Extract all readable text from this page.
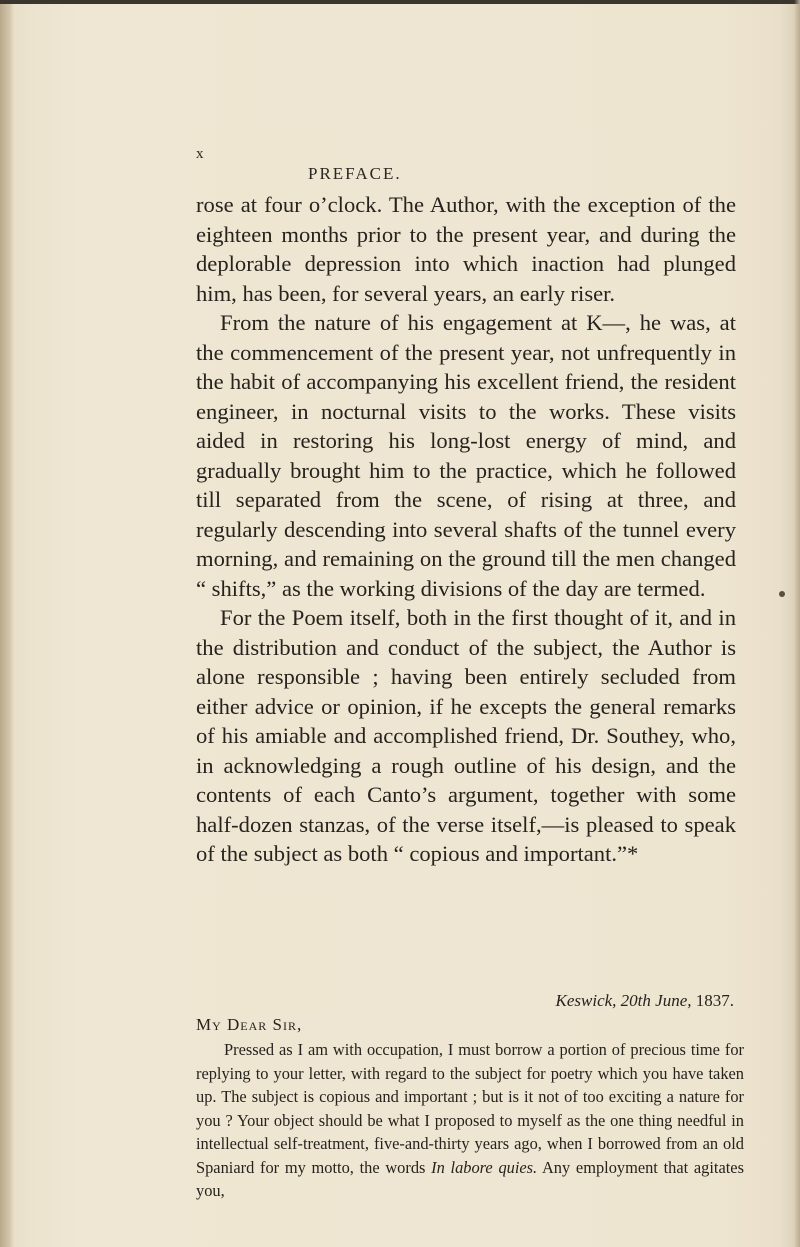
x
PREFACE.

rose at four o’clock. The Author, with the exception of the eighteen months prior to the present year, and during the deplorable depression into which inaction had plunged him, has been, for several years, an early riser.

From the nature of his engagement at K—, he was, at the commencement of the present year, not unfrequently in the habit of accompanying his excellent friend, the resident engineer, in nocturnal visits to the works. These visits aided in restoring his long-lost energy of mind, and gradually brought him to the practice, which he followed till separated from the scene, of rising at three, and regularly descending into several shafts of the tunnel every morning, and remaining on the ground till the men changed “ shifts,” as the working divisions of the day are termed.

For the Poem itself, both in the first thought of it, and in the distribution and conduct of the subject, the Author is alone responsible ; having been entirely secluded from either advice or opinion, if he excepts the general remarks of his amiable and accomplished friend, Dr. Southey, who, in acknowledging a rough outline of his design, and the contents of each Canto’s argument, together with some half-dozen stanzas, of the verse itself,—is pleased to speak of the subject as both “ copious and important.”*

Keswick, 20th June, 1837.
My Dear Sir,

Pressed as I am with occupation, I must borrow a portion of precious time for replying to your letter, with regard to the subject for poetry which you have taken up. The subject is copious and important ; but is it not of too exciting a nature for you ? Your object should be what I proposed to myself as the one thing needful in intellectual self-treatment, five-and-thirty years ago, when I borrowed from an old Spaniard for my motto, the words In labore quies. Any employment that agitates you,
